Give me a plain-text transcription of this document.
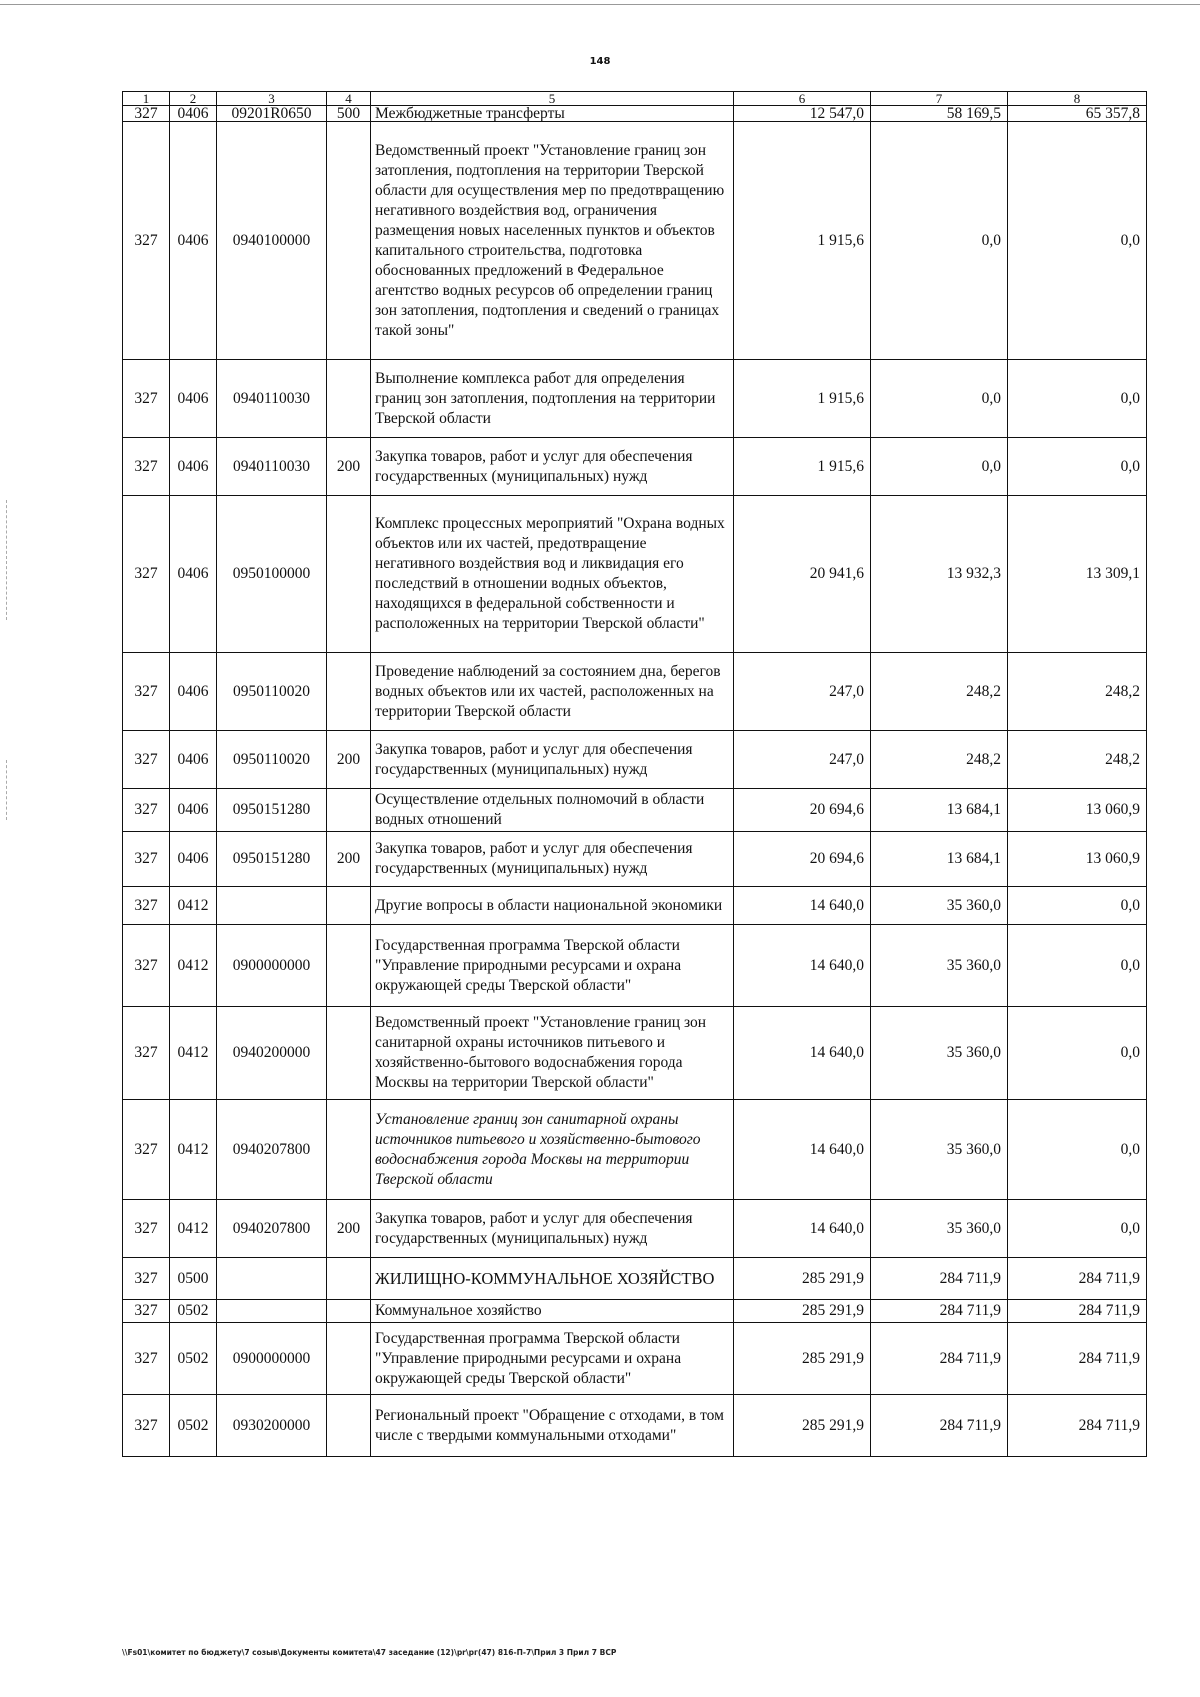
148
1	2	3	4	5	6	7	8
327	0406	09201R0650	500	Межбюджетные трансферты	12 547,0	58 169,5	65 357,8
327	0406	0940100000		Ведомственный проект "Установление границ зон затопления, подтопления на территории Тверской области для осуществления мер по предотвращению негативного воздействия вод, ограничения размещения новых населенных пунктов и объектов капитального строительства, подготовка обоснованных предложений в Федеральное агентство водных ресурсов об определении границ зон затопления, подтопления и сведений о границах такой зоны"	1 915,6	0,0	0,0
327	0406	0940110030		Выполнение комплекса работ для определения границ зон затопления, подтопления на территории Тверской области	1 915,6	0,0	0,0
327	0406	0940110030	200	Закупка товаров, работ и услуг для обеспечения государственных (муниципальных) нужд	1 915,6	0,0	0,0
327	0406	0950100000		Комплекс процессных мероприятий "Охрана водных объектов или их частей, предотвращение негативного воздействия вод и ликвидация его последствий в отношении водных объектов, находящихся в федеральной собственности и расположенных на территории Тверской области"	20 941,6	13 932,3	13 309,1
327	0406	0950110020		Проведение наблюдений за состоянием дна, берегов водных объектов или их частей, расположенных на территории Тверской области	247,0	248,2	248,2
327	0406	0950110020	200	Закупка товаров, работ и услуг для обеспечения государственных (муниципальных) нужд	247,0	248,2	248,2
327	0406	0950151280		Осуществление отдельных полномочий в области водных отношений	20 694,6	13 684,1	13 060,9
327	0406	0950151280	200	Закупка товаров, работ и услуг для обеспечения государственных (муниципальных) нужд	20 694,6	13 684,1	13 060,9
327	0412			Другие вопросы в области национальной экономики	14 640,0	35 360,0	0,0
327	0412	0900000000		Государственная программа Тверской области "Управление природными ресурсами и охрана окружающей среды Тверской области"	14 640,0	35 360,0	0,0
327	0412	0940200000		Ведомственный проект "Установление границ зон санитарной охраны источников питьевого и хозяйственно-бытового водоснабжения города Москвы на территории Тверской области"	14 640,0	35 360,0	0,0
327	0412	0940207800		Установление границ зон санитарной охраны источников питьевого и хозяйственно-бытового водоснабжения города Москвы на территории Тверской области	14 640,0	35 360,0	0,0
327	0412	0940207800	200	Закупка товаров, работ и услуг для обеспечения государственных (муниципальных) нужд	14 640,0	35 360,0	0,0
327	0500			ЖИЛИЩНО-КОММУНАЛЬНОЕ ХОЗЯЙСТВО	285 291,9	284 711,9	284 711,9
327	0502			Коммунальное хозяйство	285 291,9	284 711,9	284 711,9
327	0502	0900000000		Государственная программа Тверской области "Управление природными ресурсами и охрана окружающей среды Тверской области"	285 291,9	284 711,9	284 711,9
327	0502	0930200000		Региональный проект "Обращение с отходами, в том числе с твердыми коммунальными отходами"	285 291,9	284 711,9	284 711,9
\\Fs01\комитет по бюджету\7 созыв\Документы комитета\47 заседание (12)\pr\рг(47) 816-П-7\Прил 3 Прил 7 ВСР
